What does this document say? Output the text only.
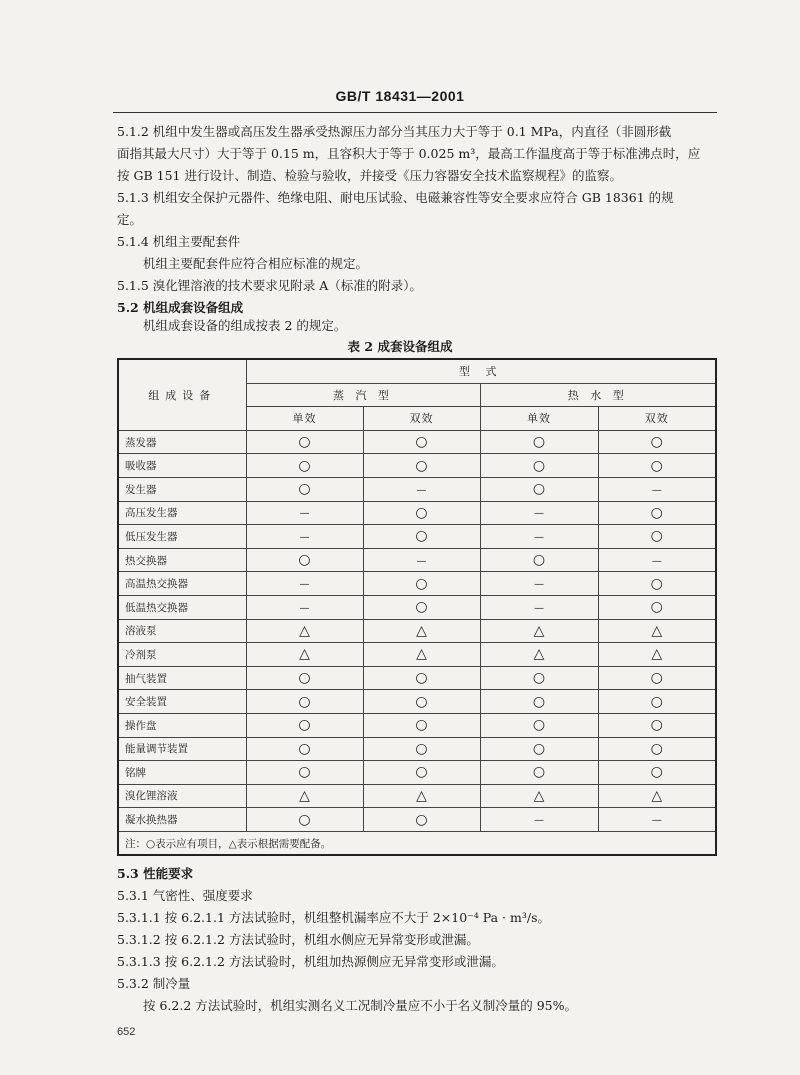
GB/T 18431—2001
5.1.2 机组中发生器或高压发生器承受热源压力部分当其压力大于等于 0.1 MPa，内直径（非圆形截
面指其最大尺寸）大于等于 0.15 m，且容积大于等于 0.025 m³，最高工作温度高于等于标准沸点时，应
按 GB 151 进行设计、制造、检验与验收，并接受《压力容器安全技术监察规程》的监察。
5.1.3 机组安全保护元器件、绝缘电阻、耐电压试验、电磁兼容性等安全要求应符合 GB 18361 的规
定。
5.1.4 机组主要配套件
机组主要配套件应符合相应标准的规定。
5.1.5 溴化锂溶液的技术要求见附录 A（标准的附录）。
5.2 机组成套设备组成
机组成套设备的组成按表 2 的规定。
表 2 成套设备组成
组成设备	型 式			
	蒸 汽 型		热 水 型	
	单效	双效	单效	双效
蒸发器	○	○	○	○
吸收器	○	○	○	○
发生器	○	—	○	—
高压发生器	—	○	—	○
低压发生器	—	○	—	○
热交换器	○	—	○	—
高温热交换器	—	○	—	○
低温热交换器	—	○	—	○
溶液泵	△	△	△	△
冷剂泵	△	△	△	△
抽气装置	○	○	○	○
安全装置	○	○	○	○
操作盘	○	○	○	○
能量调节装置	○	○	○	○
铭牌	○	○	○	○
溴化锂溶液	△	△	△	△
凝水换热器	○	○	—	—
注：○表示应有项目，△表示根据需要配备。				
5.3 性能要求
5.3.1 气密性、强度要求
5.3.1.1 按 6.2.1.1 方法试验时，机组整机漏率应不大于 2×10⁻⁴ Pa · m³/s。
5.3.1.2 按 6.2.1.2 方法试验时，机组水侧应无异常变形或泄漏。
5.3.1.3 按 6.2.1.2 方法试验时，机组加热源侧应无异常变形或泄漏。
5.3.2 制冷量
按 6.2.2 方法试验时，机组实测名义工况制冷量应不小于名义制冷量的 95%。
652
